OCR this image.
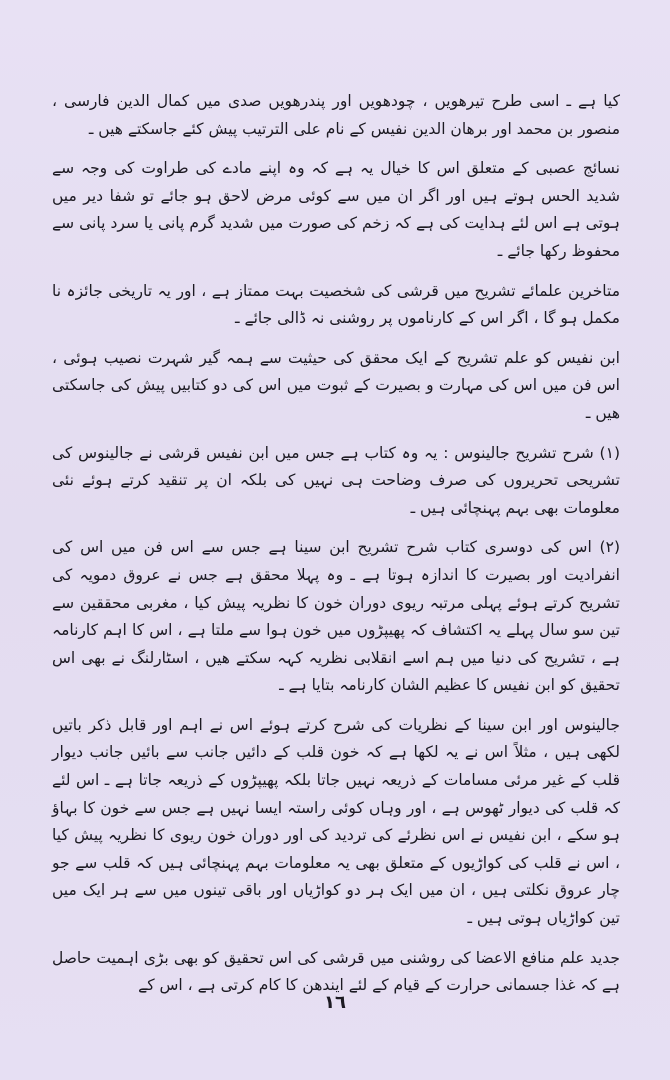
كيا ہے ـ اسی طرح تیرھویں ، چودھویں اور پندرھویں صدی میں کمال الدین فارسی ، منصور بن محمد اور برھان الدین نفیس کے نام علی الترتیب پیش کئے جاسکتے ھیں ـ

نسائج عصبی کے متعلق اس کا خیال یہ ہے کہ وہ اپنے مادے کی طراوت کی وجہ سے شدید الحس ہوتے ہیں اور اگر ان میں سے کوئی مرض لاحق ہو جائے تو شفا دیر میں ہوتی ہے اس لئے ہدایت کی ہے کہ زخم کی صورت میں شدید گرم پانی یا سرد پانی سے محفوظ رکھا جائے ـ

متاخرین علمائے تشریح میں قرشی کی شخصیت بہت ممتاز ہے ، اور یہ تاریخی جائزہ نا مکمل ہو گا ، اگر اس کے کارناموں پر روشنی نہ ڈالی جائے ـ

ابن نفیس کو علم تشریح کے ایک محقق کی حیثیت سے ہمہ گیر شہرت نصیب ہوئی ، اس فن میں اس کی مہارت و بصیرت کے ثبوت میں اس کی دو کتابیں پیش کی جاسکتی ھیں ـ

(۱) شرح تشریح جالینوس : یہ وہ کتاب ہے جس میں ابن نفیس قرشی نے جالینوس کی تشریحی تحریروں کی صرف وضاحت ہی نہیں کی بلکہ ان پر تنقید کرتے ہوئے نئی معلومات بھی بہم پہنچائی ہیں ـ

(۲) اس کی دوسری کتاب شرح تشریح ابن سینا ہے جس سے اس فن میں اس کی انفرادیت اور بصیرت کا اندازہ ہوتا ہے ـ وہ پہلا محقق ہے جس نے عروق دمویہ کی تشریح کرتے ہوئے پہلی مرتبہ ریوی دوران خون کا نظریہ پیش کیا ، مغربی محققین سے تین سو سال پہلے یہ اکتشاف کہ پھیپڑوں میں خون ہوا سے ملتا ہے ، اس کا اہم کارنامہ ہے ، تشریح کی دنیا میں ہم اسے انقلابی نظریہ کہہ سکتے ھیں ، اسٹارلنگ نے بھی اس تحقیق کو ابن نفیس کا عظیم الشان کارنامہ بتایا ہے ـ

جالینوس اور ابن سینا کے نظریات کی شرح کرتے ہوئے اس نے اہم اور قابل ذکر باتیں لکھی ہیں ، مثلاً اس نے یہ لکھا ہے کہ خون قلب کے دائیں جانب سے بائیں جانب دیوار قلب کے غیر مرئی مسامات کے ذریعہ نہیں جاتا بلکہ پھیپڑوں کے ذریعہ جاتا ہے ـ اس لئے کہ قلب کی دیوار ٹھوس ہے ، اور وہاں کوئی راستہ ایسا نہیں ہے جس سے خون کا بہاؤ ہو سکے ، ابن نفیس نے اس نظرئے کی تردید کی اور دوران خون ریوی کا نظریہ پیش کیا ، اس نے قلب کی کواڑیوں کے متعلق بھی یہ معلومات بہم پہنچائی ہیں کہ قلب سے جو چار عروق نکلتی ہیں ، ان میں ایک ہر دو کواڑیاں اور باقی تینوں میں سے ہر ایک میں تین کواڑیاں ہوتی ہیں ـ

جدید علم منافع الاعضا کی روشنی میں قرشی کی اس تحقیق کو بھی بڑی اہمیت حاصل ہے کہ غذا جسمانی حرارت کے قیام کے لئے ایندھن کا کام کرتی ہے ، اس کے

١٦
